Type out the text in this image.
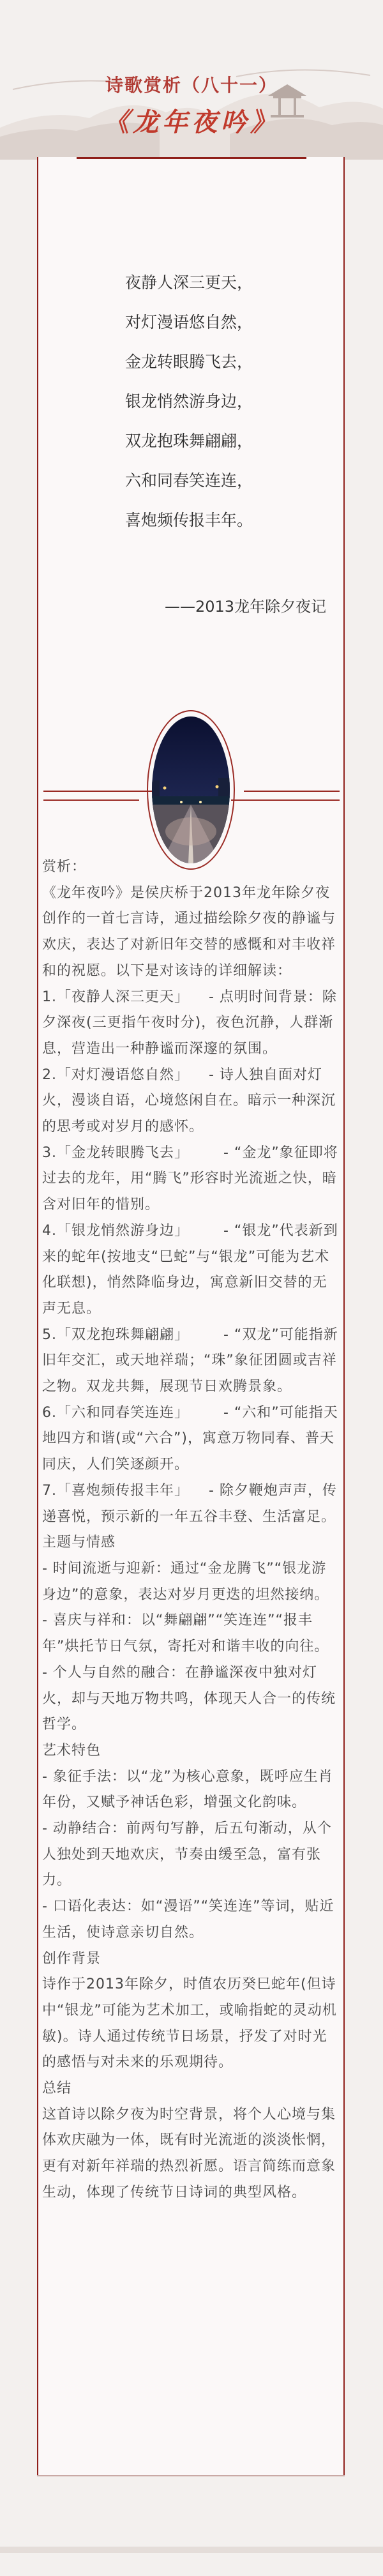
诗歌赏析（八十一）
《龙年夜吟》
夜静人深三更天，
对灯漫语悠自然，
金龙转眼腾飞去，
银龙悄然游身边，
双龙抱珠舞翩翩，
六和同春笑连连，
喜炮频传报丰年。
——2013龙年除夕夜记
赏析：
《龙年夜吟》是侯庆桥于2013年龙年除夕夜创作的一首七言诗，通过描绘除夕夜的静谧与欢庆，表达了对新旧年交替的感慨和对丰收祥和的祝愿。以下是对该诗的详细解读：
1.「夜静人深三更天」 　- 点明时间背景：除夕深夜(三更指午夜时分)，夜色沉静，人群渐息，营造出一种静谧而深邃的氛围。
2.「对灯漫语悠自然」 　- 诗人独自面对灯火，漫谈自语，心境悠闲自在。暗示一种深沉的思考或对岁月的感怀。
3.「金龙转眼腾飞去」 　　- “金龙”象征即将过去的龙年，用“腾飞”形容时光流逝之快，暗含对旧年的惜别。
4.「银龙悄然游身边」 　　- “银龙”代表新到来的蛇年(按地支“巳蛇”与“银龙”可能为艺术化联想)，悄然降临身边，寓意新旧交替的无声无息。
5.「双龙抱珠舞翩翩」 　　- “双龙”可能指新旧年交汇，或天地祥瑞；“珠”象征团圆或吉祥之物。双龙共舞，展现节日欢腾景象。
6.「六和同春笑连连」 　　- “六和”可能指天地四方和谐(或“六合”)，寓意万物同春、普天同庆，人们笑逐颜开。
7.「喜炮频传报丰年」 　- 除夕鞭炮声声，传递喜悦，预示新的一年五谷丰登、生活富足。
主题与情感
- 时间流逝与迎新：通过“金龙腾飞”“银龙游身边”的意象，表达对岁月更迭的坦然接纳。
- 喜庆与祥和：以“舞翩翩”“笑连连”“报丰年”烘托节日气氛，寄托对和谐丰收的向往。
- 个人与自然的融合：在静谧深夜中独对灯火，却与天地万物共鸣，体现天人合一的传统哲学。
艺术特色
- 象征手法：以“龙”为核心意象，既呼应生肖年份，又赋予神话色彩，增强文化韵味。
- 动静结合：前两句写静，后五句渐动，从个人独处到天地欢庆，节奏由缓至急，富有张力。
- 口语化表达：如“漫语”“笑连连”等词，贴近生活，使诗意亲切自然。
创作背景
诗作于2013年除夕，时值农历癸巳蛇年(但诗中“银龙”可能为艺术加工，或喻指蛇的灵动机敏)。诗人通过传统节日场景，抒发了对时光的感悟与对未来的乐观期待。
总结
这首诗以除夕夜为时空背景，将个人心境与集体欢庆融为一体，既有时光流逝的淡淡怅惘，更有对新年祥瑞的热烈祈愿。语言简练而意象生动，体现了传统节日诗词的典型风格。
